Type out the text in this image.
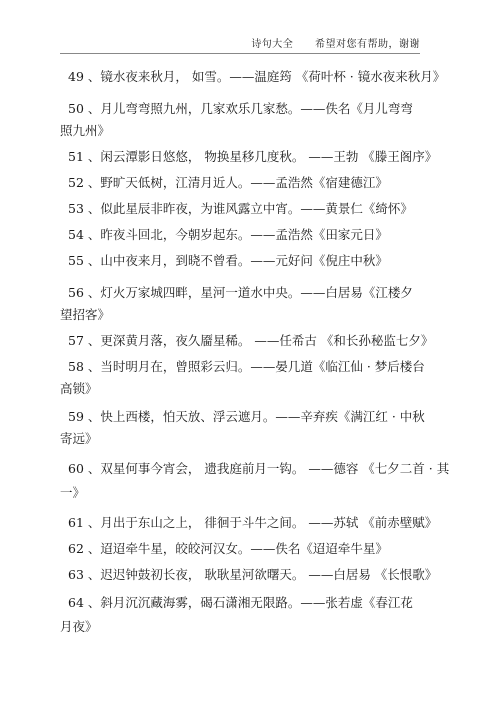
诗句大全 希望对您有帮助，谢谢
49 、镜水夜来秋月， 如雪。——温庭筠 《荷叶杯 · 镜水夜来秋月》
50 、月儿弯弯照九州，几家欢乐几家愁。——佚名《月儿弯弯
照九州》
51 、闲云潭影日悠悠， 物换星移几度秋。 ——王勃 《滕王阁序》
52 、野旷天低树，江清月近人。——孟浩然《宿建德江》
53 、似此星辰非昨夜，为谁风露立中宵。——黄景仁《绮怀》
54 、昨夜斗回北，今朝岁起东。——孟浩然《田家元日》
55 、山中夜来月，到晓不曾看。——元好问《倪庄中秋》
56 、灯火万家城四畔，星河一道水中央。——白居易《江楼夕
望招客》
57 、更深黄月落，夜久靥星稀。 ——任希古 《和长孙秘监七夕》
58 、当时明月在，曾照彩云归。——晏几道《临江仙 · 梦后楼台
高锁》
59 、快上西楼，怕天放、浮云遮月。——辛弃疾《满江红 · 中秋
寄远》
60 、双星何事今宵会， 遗我庭前月一钩。 ——德容 《七夕二首 · 其
一》
61 、月出于东山之上， 徘徊于斗牛之间。 ——苏轼 《前赤壁赋》
62 、迢迢牵牛星，皎皎河汉女。——佚名《迢迢牵牛星》
63 、迟迟钟鼓初长夜， 耿耿星河欲曙天。 ——白居易 《长恨歌》
64 、斜月沉沉藏海雾，碣石潇湘无限路。——张若虚《春江花
月夜》
